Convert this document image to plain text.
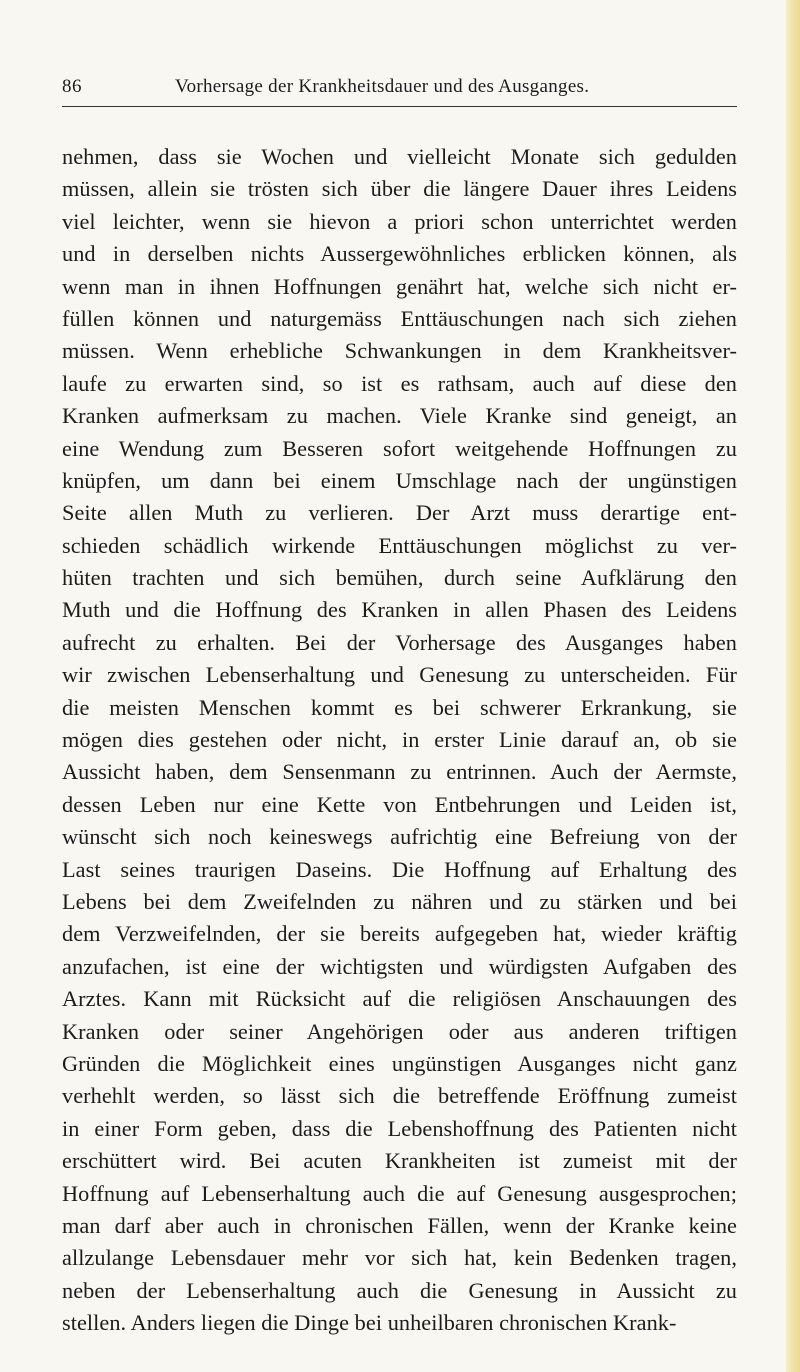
86	Vorhersage der Krankheitsdauer und des Ausganges.
nehmen, dass sie Wochen und vielleicht Monate sich gedulden
müssen, allein sie trösten sich über die längere Dauer ihres Leidens
viel leichter, wenn sie hievon a priori schon unterrichtet werden
und in derselben nichts Aussergewöhnliches erblicken können, als
wenn man in ihnen Hoffnungen genährt hat, welche sich nicht er-
füllen können und naturgemäss Enttäuschungen nach sich ziehen
müssen. Wenn erhebliche Schwankungen in dem Krankheitsver-
laufe zu erwarten sind, so ist es rathsam, auch auf diese den
Kranken aufmerksam zu machen. Viele Kranke sind geneigt, an
eine Wendung zum Besseren sofort weitgehende Hoffnungen zu
knüpfen, um dann bei einem Umschlage nach der ungünstigen
Seite allen Muth zu verlieren. Der Arzt muss derartige ent-
schieden schädlich wirkende Enttäuschungen möglichst zu ver-
hüten trachten und sich bemühen, durch seine Aufklärung den
Muth und die Hoffnung des Kranken in allen Phasen des Leidens
aufrecht zu erhalten. Bei der Vorhersage des Ausganges haben
wir zwischen Lebenserhaltung und Genesung zu unterscheiden. Für
die meisten Menschen kommt es bei schwerer Erkrankung, sie
mögen dies gestehen oder nicht, in erster Linie darauf an, ob sie
Aussicht haben, dem Sensenmann zu entrinnen. Auch der Aermste,
dessen Leben nur eine Kette von Entbehrungen und Leiden ist,
wünscht sich noch keineswegs aufrichtig eine Befreiung von der
Last seines traurigen Daseins. Die Hoffnung auf Erhaltung des
Lebens bei dem Zweifelnden zu nähren und zu stärken und bei
dem Verzweifelnden, der sie bereits aufgegeben hat, wieder kräftig
anzufachen, ist eine der wichtigsten und würdigsten Aufgaben des
Arztes. Kann mit Rücksicht auf die religiösen Anschauungen des
Kranken oder seiner Angehörigen oder aus anderen triftigen
Gründen die Möglichkeit eines ungünstigen Ausganges nicht ganz
verhehlt werden, so lässt sich die betreffende Eröffnung zumeist
in einer Form geben, dass die Lebenshoffnung des Patienten nicht
erschüttert wird. Bei acuten Krankheiten ist zumeist mit der
Hoffnung auf Lebenserhaltung auch die auf Genesung ausgesprochen;
man darf aber auch in chronischen Fällen, wenn der Kranke keine
allzulange Lebensdauer mehr vor sich hat, kein Bedenken tragen,
neben der Lebenserhaltung auch die Genesung in Aussicht zu
stellen. Anders liegen die Dinge bei unheilbaren chronischen Krank-
